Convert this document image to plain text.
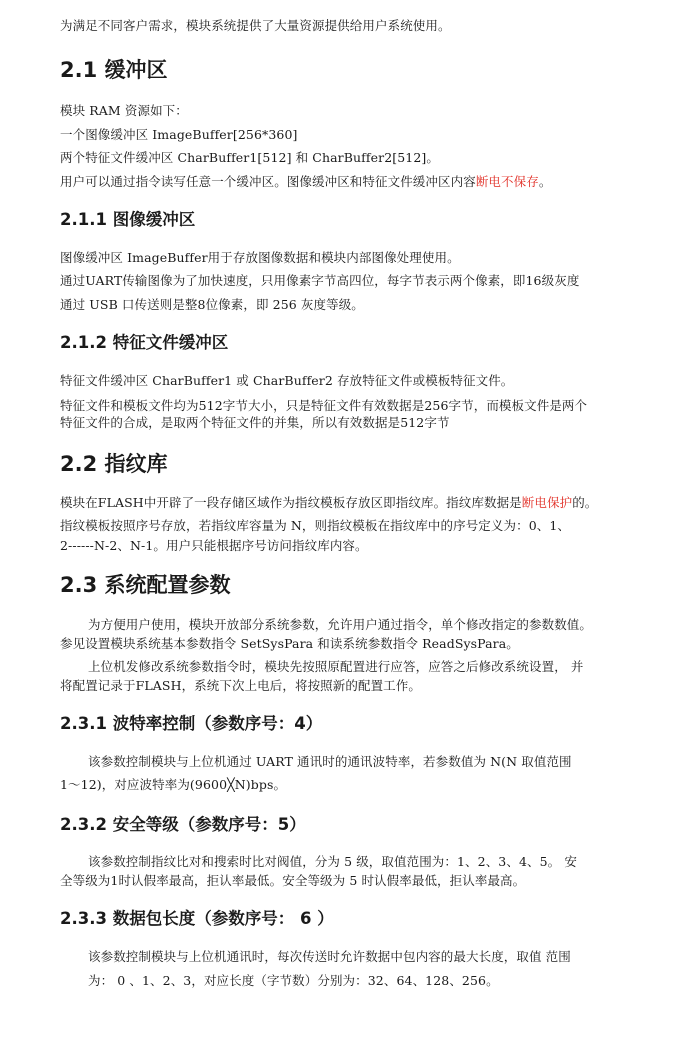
为满足不同客户需求，模块系统提供了大量资源提供给用户系统使用。
2.1 缓冲区
模块 RAM 资源如下：
一个图像缓冲区 ImageBuffer[256*360]
两个特征文件缓冲区 CharBuffer1[512] 和 CharBuffer2[512]。
用户可以通过指令读写任意一个缓冲区。图像缓冲区和特征文件缓冲区内容断电不保存。
2.1.1 图像缓冲区
图像缓冲区 ImageBuffer用于存放图像数据和模块内部图像处理使用。
通过UART传输图像为了加快速度，只用像素字节高四位，每字节表示两个像素，即16级灰度
通过 USB 口传送则是整8位像素，即 256 灰度等级。
2.1.2 特征文件缓冲区
特征文件缓冲区 CharBuffer1 或 CharBuffer2 存放特征文件或模板特征文件。
特征文件和模板文件均为512字节大小，只是特征文件有效数据是256字节，而模板文件是两个
特征文件的合成，是取两个特征文件的并集，所以有效数据是512字节
2.2 指纹库
模块在FLASH中开辟了一段存储区域作为指纹模板存放区即指纹库。指纹库数据是断电保护的。
指纹模板按照序号存放，若指纹库容量为 N，则指纹模板在指纹库中的序号定义为：0、1、
2------N-2、N-1。用户只能根据序号访问指纹库内容。
2.3 系统配置参数
为方便用户使用，模块开放部分系统参数，允许用户通过指令，单个修改指定的参数数值。
参见设置模块系统基本参数指令 SetSysPara 和读系统参数指令 ReadSysPara。
上位机发修改系统参数指令时，模块先按照原配置进行应答，应答之后修改系统设置， 并
将配置记录于FLASH，系统下次上电后，将按照新的配置工作。
2.3.1 波特率控制（参数序号：4）
该参数控制模块与上位机通过 UART 通讯时的通讯波特率，若参数值为 N(N 取值范围
1～12)，对应波特率为(9600╳N)bps。
2.3.2 安全等级（参数序号：5）
该参数控制指纹比对和搜索时比对阀值，分为 5 级，取值范围为：1、2、3、4、5。 安
全等级为1时认假率最高，拒认率最低。安全等级为 5 时认假率最低，拒认率最高。
2.3.3 数据包长度（参数序号： 6 ）
该参数控制模块与上位机通讯时，每次传送时允许数据中包内容的最大长度，取值 范围
为： 0 、1、2、3，对应长度（字节数）分别为：32、64、128、256。
